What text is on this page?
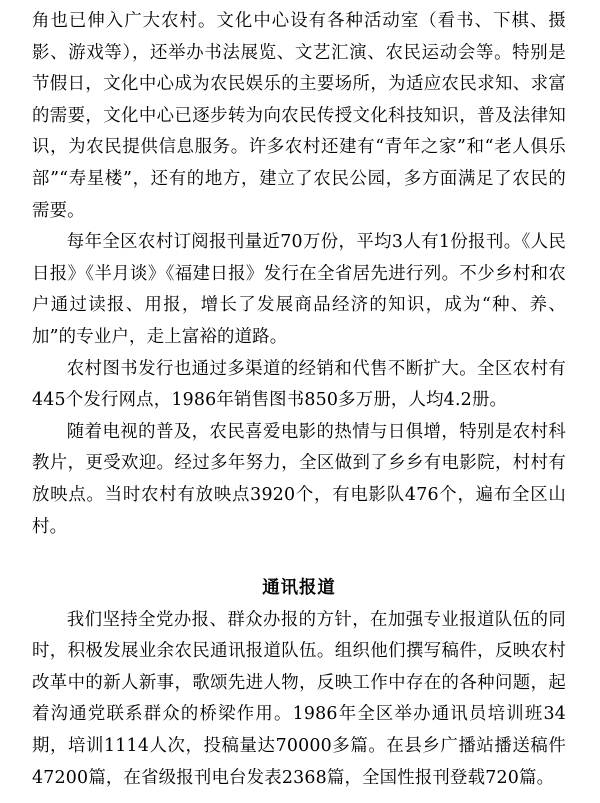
角也已伸入广大农村。文化中心设有各种活动室（看书、下棋、摄影、游戏等），还举办书法展览、文艺汇演、农民运动会等。特别是节假日，文化中心成为农民娱乐的主要场所，为适应农民求知、求富的需要，文化中心已逐步转为向农民传授文化科技知识，普及法律知识，为农民提供信息服务。许多农村还建有“青年之家”和“老人俱乐部”“寿星楼”，还有的地方，建立了农民公园，多方面满足了农民的需要。

每年全区农村订阅报刊量近70万份，平均3人有1份报刊。《人民日报》《半月谈》《福建日报》发行在全省居先进行列。不少乡村和农户通过读报、用报，增长了发展商品经济的知识，成为“种、养、加”的专业户，走上富裕的道路。

农村图书发行也通过多渠道的经销和代售不断扩大。全区农村有445个发行网点，1986年销售图书850多万册，人均4.2册。

随着电视的普及，农民喜爱电影的热情与日俱增，特别是农村科教片，更受欢迎。经过多年努力，全区做到了乡乡有电影院，村村有放映点。当时农村有放映点3920个，有电影队476个，遍布全区山村。

通讯报道

我们坚持全党办报、群众办报的方针，在加强专业报道队伍的同时，积极发展业余农民通讯报道队伍。组织他们撰写稿件，反映农村改革中的新人新事，歌颂先进人物，反映工作中存在的各种问题，起着沟通党联系群众的桥梁作用。1986年全区举办通讯员培训班34期，培训1114人次，投稿量达70000多篇。在县乡广播站播送稿件47200篇，在省级报刊电台发表2368篇，全国性报刊登载720篇。
